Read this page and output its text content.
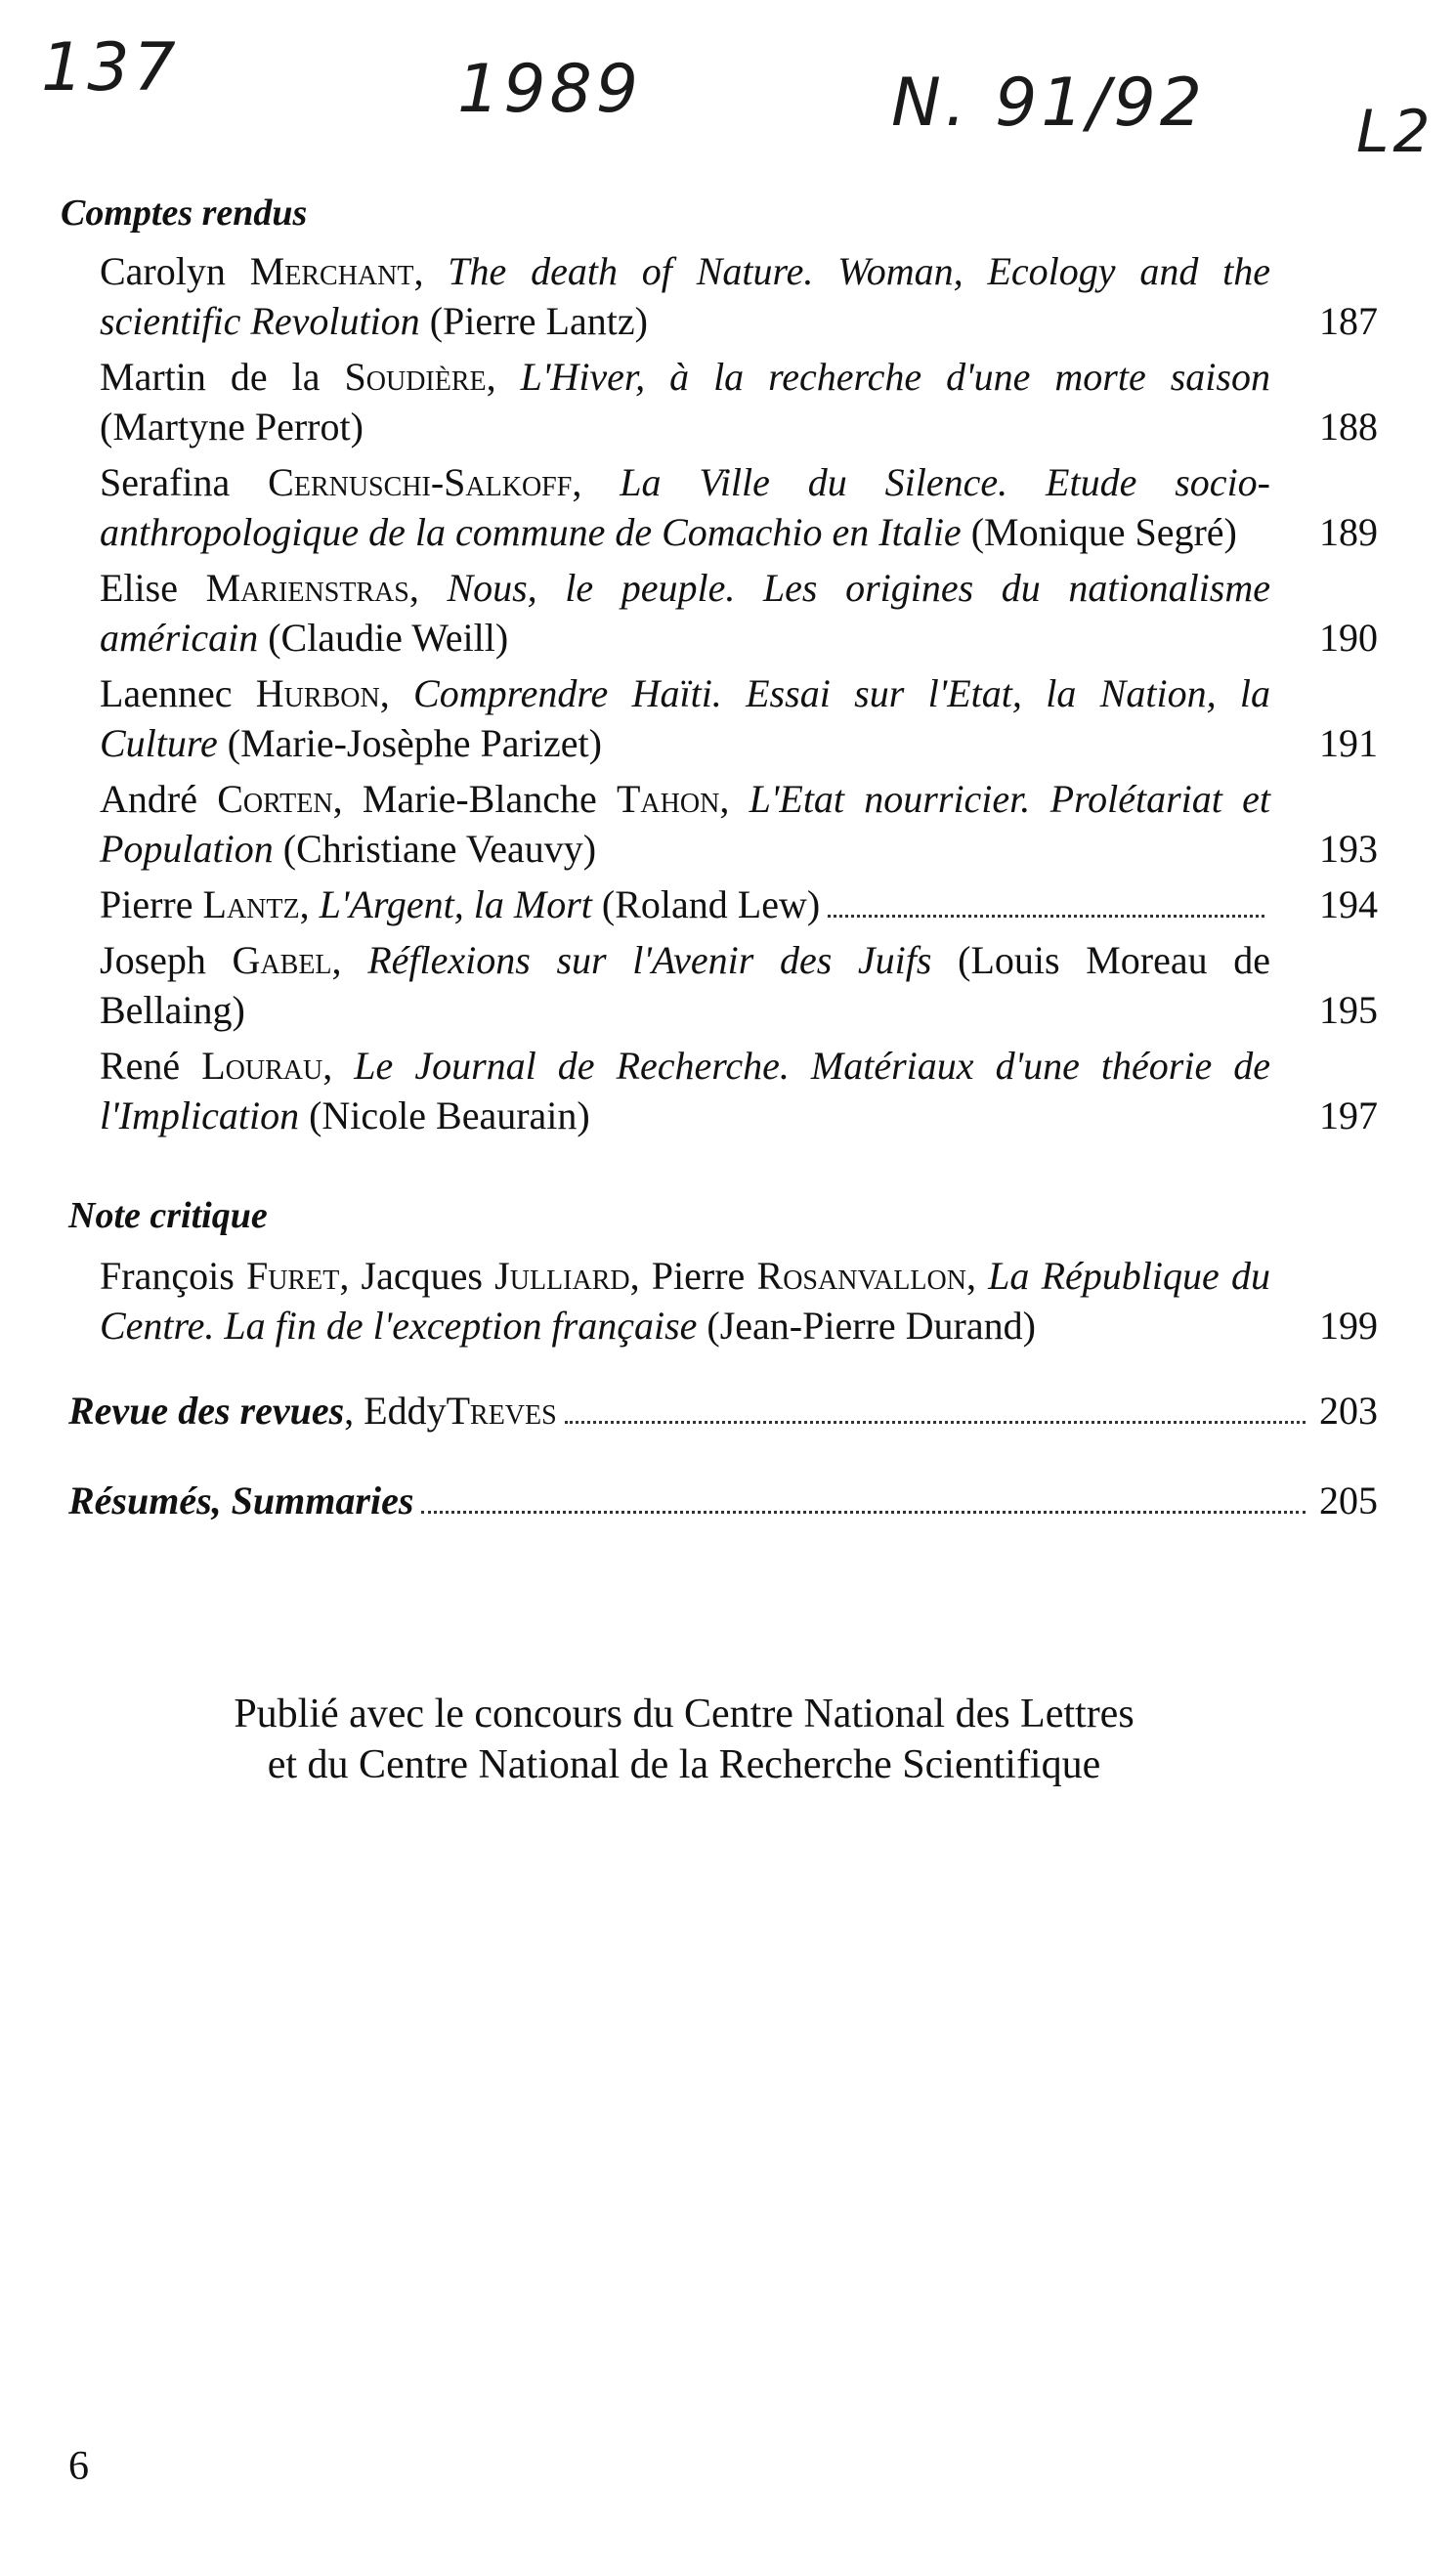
137	1989	N. 91/92	L2
Comptes rendus
Carolyn Merchant, The death of Nature. Woman, Ecology and the scientific Revolution (Pierre Lantz)	187
Martin de la Soudière, L'Hiver, à la recherche d'une morte saison (Martyne Perrot)	188
Serafina Cernuschi-Salkoff, La Ville du Silence. Etude socio-anthropologique de la commune de Comachio en Italie (Monique Segré)	189
Elise Marienstras, Nous, le peuple. Les origines du nationalisme américain (Claudie Weill)	190
Laennec Hurbon, Comprendre Haïti. Essai sur l'Etat, la Nation, la Culture (Marie-Josèphe Parizet)	191
André Corten, Marie-Blanche Tahon, L'Etat nourricier. Prolétariat et Population (Christiane Veauvy)	193
Pierre Lantz, L'Argent, la Mort (Roland Lew)	194
Joseph Gabel, Réflexions sur l'Avenir des Juifs (Louis Moreau de Bellaing)	195
René Lourau, Le Journal de Recherche. Matériaux d'une théorie de l'Implication (Nicole Beaurain)	197
Note critique
François Furet, Jacques Julliard, Pierre Rosanvallon, La République du Centre. La fin de l'exception française (Jean-Pierre Durand)	199
Revue des revues , Eddy Treves	203
Résumés, Summaries	205
Publié avec le concours du Centre National des Lettres
et du Centre National de la Recherche Scientifique
6
